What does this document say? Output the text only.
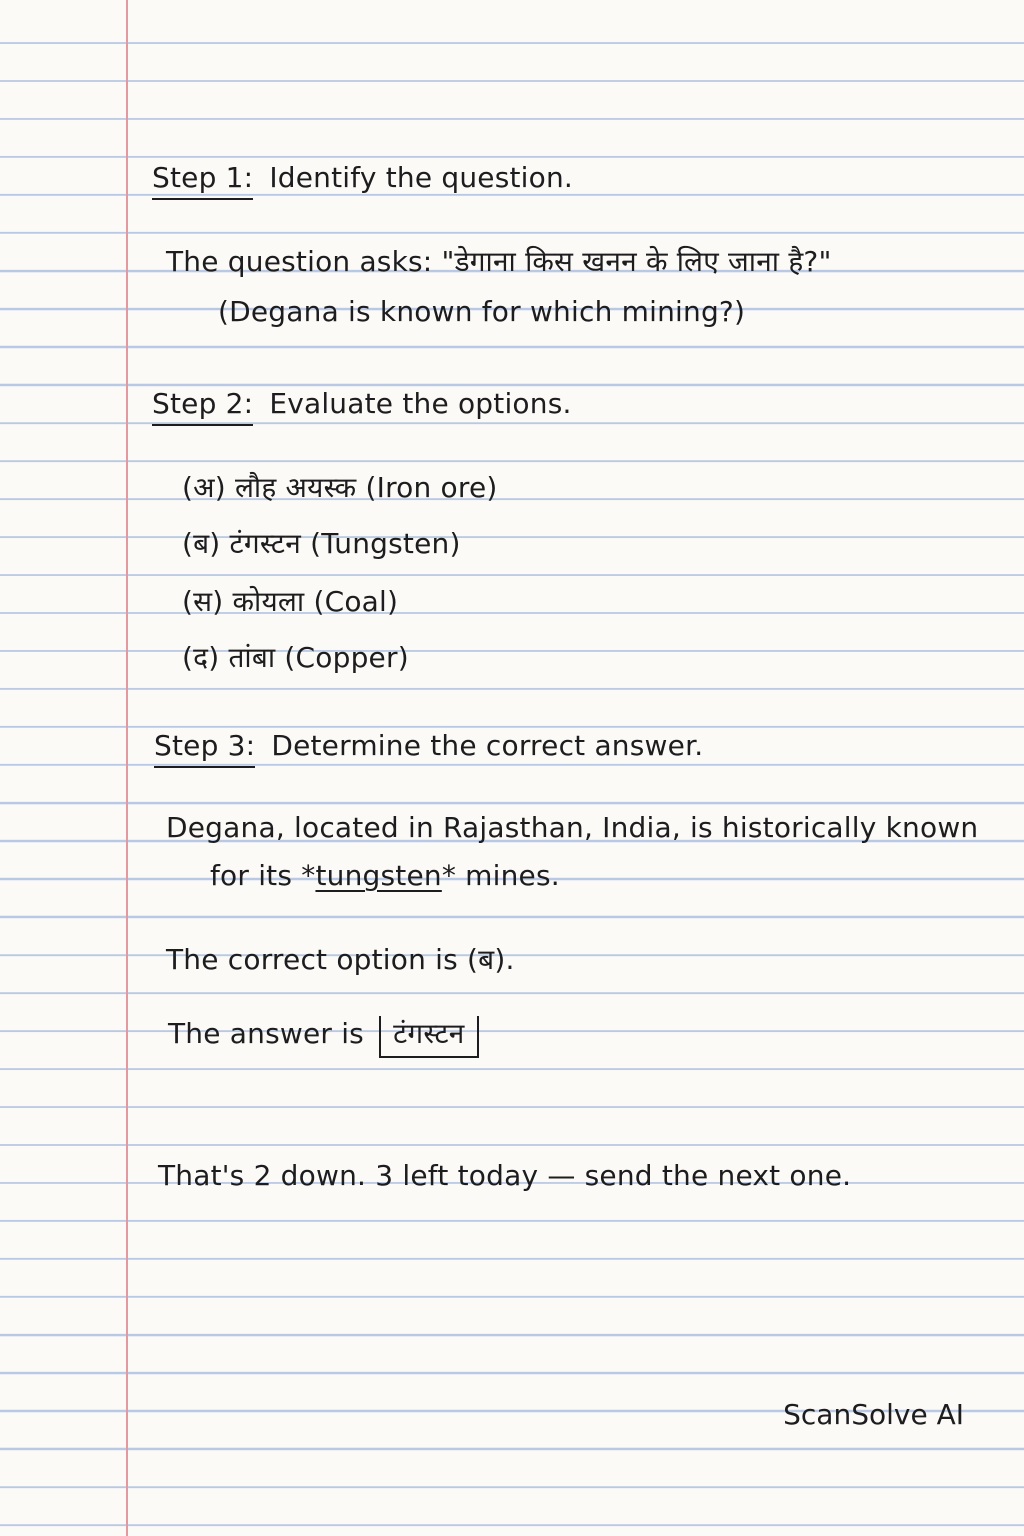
Step 1: Identify the question.
The question asks: "डेगाना किस खनन के लिए जाना है?"
(Degana is known for which mining?)
Step 2: Evaluate the options.
(अ) लौह अयस्क (Iron ore)
(ब) टंगस्टन (Tungsten)
(स) कोयला (Coal)
(द) तांबा (Copper)
Step 3: Determine the correct answer.
Degana, located in Rajasthan, India, is historically known
for its *tungsten* mines.
The correct option is (ब).
The answer is टंगस्टन
That's 2 down. 3 left today — send the next one.
ScanSolve AI
